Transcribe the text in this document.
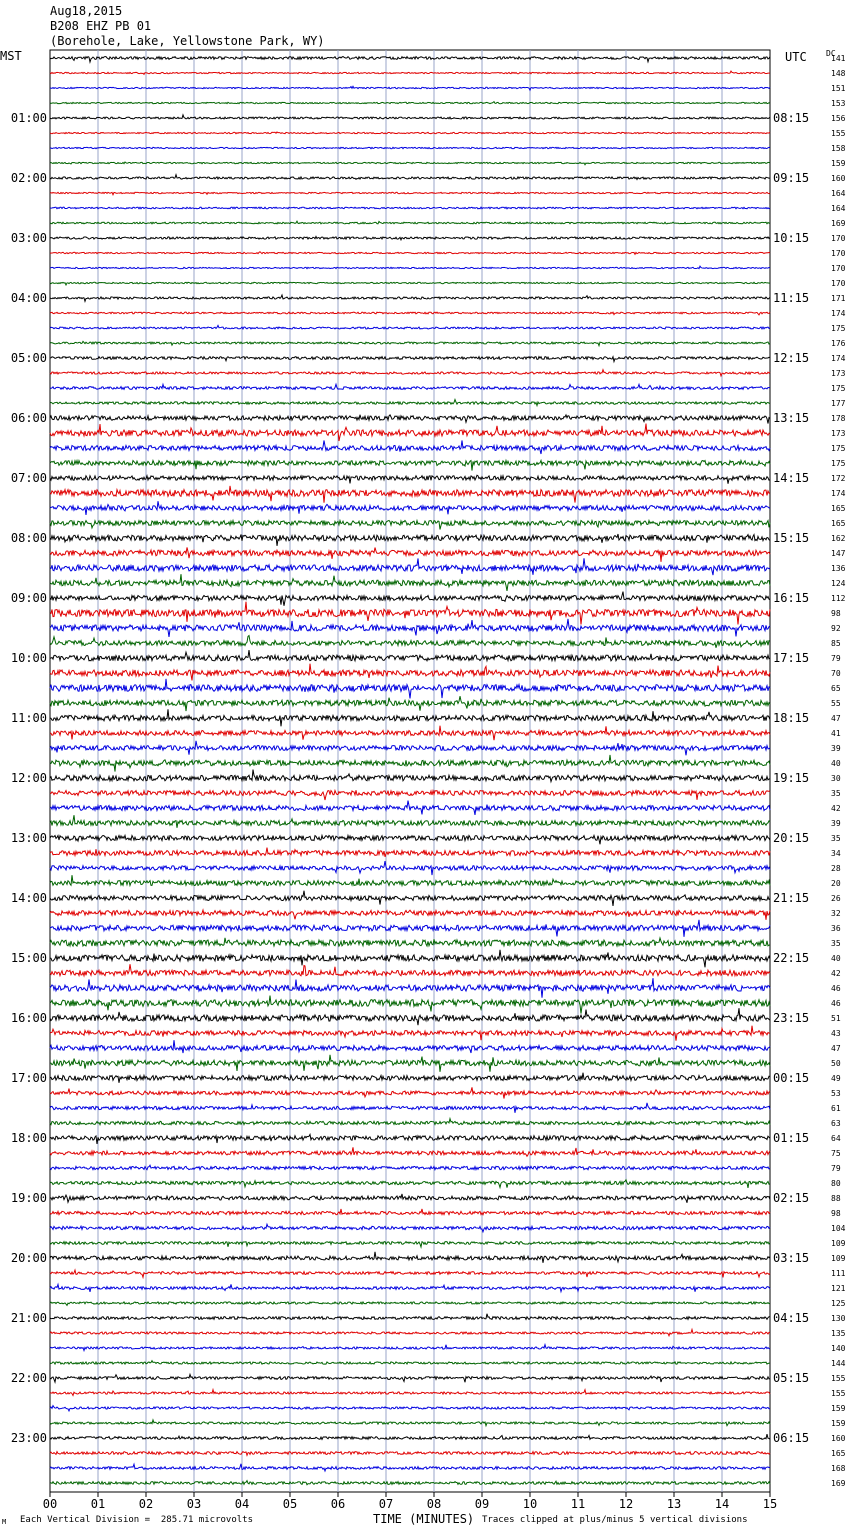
00	01	02	03	04	05	06	07	08	09	10	11	12	13	14	15
141
148
151
153
156
155
158
159
160
164
164
169
170
170
170
170
171
174
175
176
174
173
175
177
178
173
175
175
172
174
165
165
162
147
136
124
112
98
92
85
79
70
65
55
47
41
39
40
30
35
42
39
35
34
28
20
26
32
36
35
40
42
46
46
51
43
47
50
49
53
61
63
64
75
79
80
88
98
104
109
109
111
121
125
130
135
140
144
155
155
159
159
160
165
168
169
01:00
02:00
03:00
04:00
05:00
06:00
07:00
08:00
09:00
10:00
11:00
12:00
13:00
14:00
15:00
16:00
17:00
18:00
19:00
20:00
21:00
22:00
23:00
08:15
09:15
10:15
11:15
12:15
13:15
14:15
15:15
16:15
17:15
18:15
19:15
20:15
21:15
22:15
23:15
00:15
01:15
02:15
03:15
04:15
05:15
06:15
Aug18,2015
B208 EHZ PB 01
(Borehole, Lake, Yellowstone Park, WY)
MST	UTC DC
M Each Vertical Division =  285.71 microvolts	TIME (MINUTES) Traces clipped at plus/minus 5 vertical divisions
